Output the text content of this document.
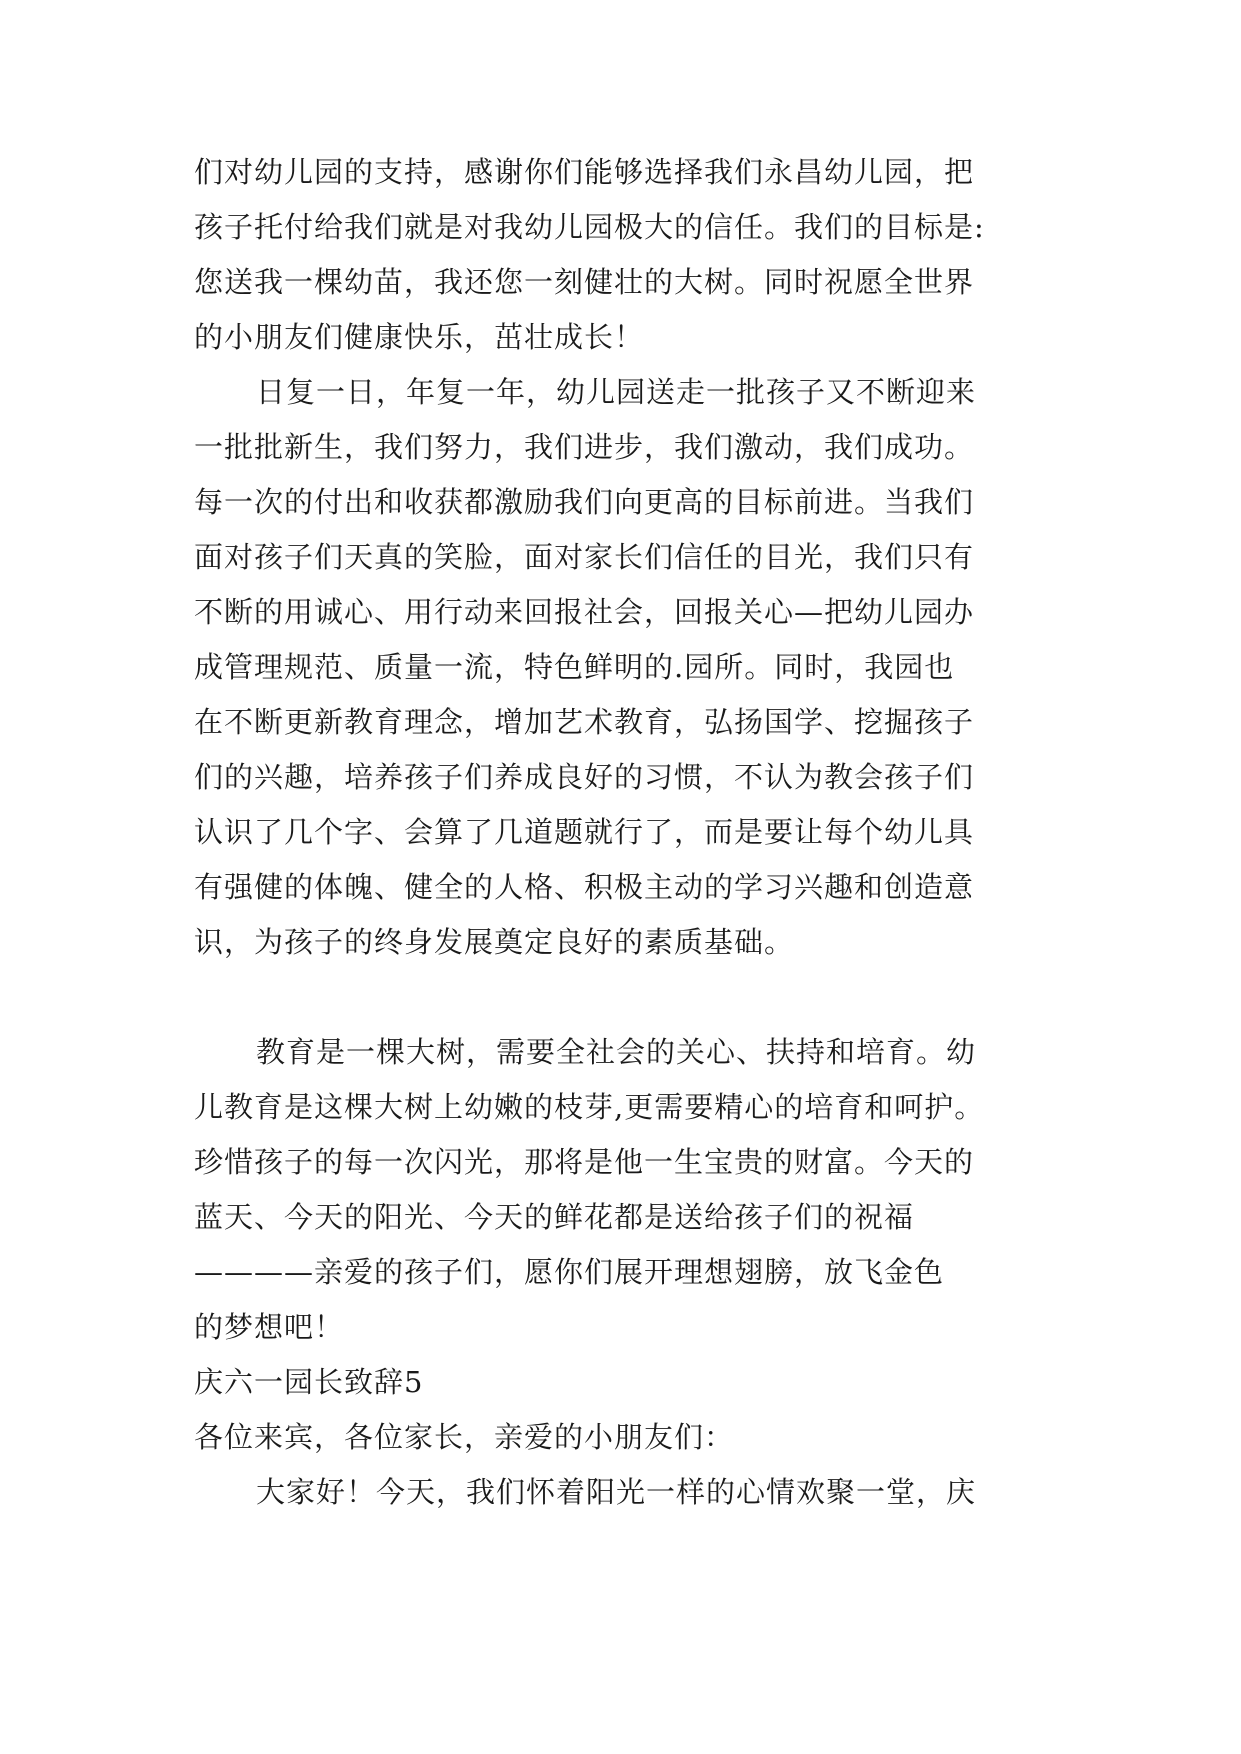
们对幼儿园的支持，感谢你们能够选择我们永昌幼儿园，把
孩子托付给我们就是对我幼儿园极大的信任。我们的目标是:
您送我一棵幼苗，我还您一刻健壮的大树。同时祝愿全世界
的小朋友们健康快乐，茁壮成长！
日复一日，年复一年，幼儿园送走一批孩子又不断迎来
一批批新生，我们努力，我们进步，我们激动，我们成功。
每一次的付出和收获都激励我们向更高的目标前进。当我们
面对孩子们天真的笑脸，面对家长们信任的目光，我们只有
不断的用诚心、用行动来回报社会，回报关心—把幼儿园办
成管理规范、质量一流，特色鲜明的.园所。同时，我园也
在不断更新教育理念，增加艺术教育，弘扬国学、挖掘孩子
们的兴趣，培养孩子们养成良好的习惯，不认为教会孩子们
认识了几个字、会算了几道题就行了，而是要让每个幼儿具
有强健的体魄、健全的人格、积极主动的学习兴趣和创造意
识，为孩子的终身发展奠定良好的素质基础。
教育是一棵大树，需要全社会的关心、扶持和培育。幼
儿教育是这棵大树上幼嫩的枝芽,更需要精心的培育和呵护。
珍惜孩子的每一次闪光，那将是他一生宝贵的财富。今天的
蓝天、今天的阳光、今天的鲜花都是送给孩子们的祝福
————亲爱的孩子们，愿你们展开理想翅膀，放飞金色
的梦想吧！
庆六一园长致辞5
各位来宾，各位家长，亲爱的小朋友们：
大家好！今天，我们怀着阳光一样的心情欢聚一堂，庆
